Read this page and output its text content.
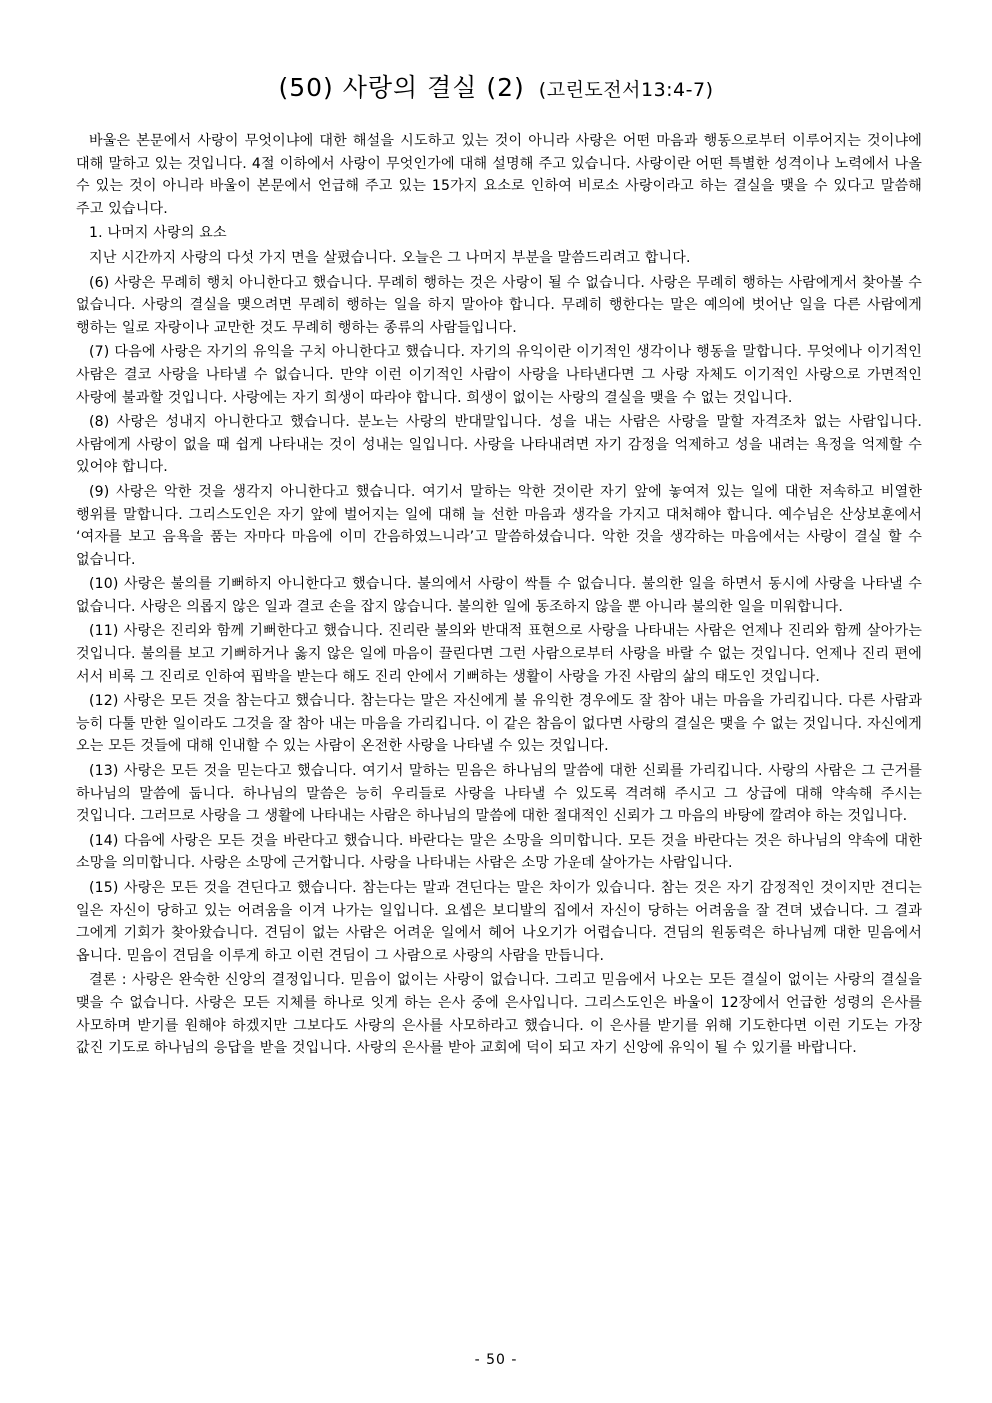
(50) 사랑의 결실 (2) (고린도전서13:4-7)

바울은 본문에서 사랑이 무엇이냐에 대한 해설을 시도하고 있는 것이 아니라 사랑은 어떤 마음과 행동으로부터 이루어지는 것이냐에 대해 말하고 있는 것입니다. 4절 이하에서 사랑이 무엇인가에 대해 설명해 주고 있습니다. 사랑이란 어떤 특별한 성격이나 노력에서 나올 수 있는 것이 아니라 바울이 본문에서 언급해 주고 있는 15가지 요소로 인하여 비로소 사랑이라고 하는 결실을 맺을 수 있다고 말씀해 주고 있습니다.

1. 나머지 사랑의 요소

지난 시간까지 사랑의 다섯 가지 면을 살폈습니다. 오늘은 그 나머지 부분을 말씀드리려고 합니다.

(6) 사랑은 무례히 행치 아니한다고 했습니다. 무례히 행하는 것은 사랑이 될 수 없습니다. 사랑은 무례히 행하는 사람에게서 찾아볼 수 없습니다. 사랑의 결실을 맺으려면 무례히 행하는 일을 하지 말아야 합니다. 무례히 행한다는 말은 예의에 벗어난 일을 다른 사람에게 행하는 일로 자랑이나 교만한 것도 무례히 행하는 종류의 사람들입니다.

(7) 다음에 사랑은 자기의 유익을 구치 아니한다고 했습니다. 자기의 유익이란 이기적인 생각이나 행동을 말합니다. 무엇에나 이기적인 사람은 결코 사랑을 나타낼 수 없습니다. 만약 이런 이기적인 사람이 사랑을 나타낸다면 그 사랑 자체도 이기적인 사랑으로 가면적인 사랑에 불과할 것입니다. 사랑에는 자기 희생이 따라야 합니다. 희생이 없이는 사랑의 결실을 맺을 수 없는 것입니다.

(8) 사랑은 성내지 아니한다고 했습니다. 분노는 사랑의 반대말입니다. 성을 내는 사람은 사랑을 말할 자격조차 없는 사람입니다. 사람에게 사랑이 없을 때 쉽게 나타내는 것이 성내는 일입니다. 사랑을 나타내려면 자기 감정을 억제하고 성을 내려는 욕정을 억제할 수 있어야 합니다.

(9) 사랑은 악한 것을 생각지 아니한다고 했습니다. 여기서 말하는 악한 것이란 자기 앞에 놓여져 있는 일에 대한 저속하고 비열한 행위를 말합니다. 그리스도인은 자기 앞에 벌어지는 일에 대해 늘 선한 마음과 생각을 가지고 대처해야 합니다. 예수님은 산상보훈에서 ‘여자를 보고 음욕을 품는 자마다 마음에 이미 간음하였느니라’고 말씀하셨습니다. 악한 것을 생각하는 마음에서는 사랑이 결실 할 수 없습니다.

(10) 사랑은 불의를 기뻐하지 아니한다고 했습니다. 불의에서 사랑이 싹틀 수 없습니다. 불의한 일을 하면서 동시에 사랑을 나타낼 수 없습니다. 사랑은 의롭지 않은 일과 결코 손을 잡지 않습니다. 불의한 일에 동조하지 않을 뿐 아니라 불의한 일을 미워합니다.

(11) 사랑은 진리와 함께 기뻐한다고 했습니다. 진리란 불의와 반대적 표현으로 사랑을 나타내는 사람은 언제나 진리와 함께 살아가는 것입니다. 불의를 보고 기뻐하거나 옳지 않은 일에 마음이 끌린다면 그런 사람으로부터 사랑을 바랄 수 없는 것입니다. 언제나 진리 편에 서서 비록 그 진리로 인하여 핍박을 받는다 해도 진리 안에서 기뻐하는 생활이 사랑을 가진 사람의 삶의 태도인 것입니다.

(12) 사랑은 모든 것을 참는다고 했습니다. 참는다는 말은 자신에게 불 유익한 경우에도 잘 참아 내는 마음을 가리킵니다. 다른 사람과 능히 다툴 만한 일이라도 그것을 잘 참아 내는 마음을 가리킵니다. 이 같은 참음이 없다면 사랑의 결실은 맺을 수 없는 것입니다. 자신에게 오는 모든 것들에 대해 인내할 수 있는 사람이 온전한 사랑을 나타낼 수 있는 것입니다.

(13) 사랑은 모든 것을 믿는다고 했습니다. 여기서 말하는 믿음은 하나님의 말씀에 대한 신뢰를 가리킵니다. 사랑의 사람은 그 근거를 하나님의 말씀에 둡니다. 하나님의 말씀은 능히 우리들로 사랑을 나타낼 수 있도록 격려해 주시고 그 상급에 대해 약속해 주시는 것입니다. 그러므로 사랑을 그 생활에 나타내는 사람은 하나님의 말씀에 대한 절대적인 신뢰가 그 마음의 바탕에 깔려야 하는 것입니다.

(14) 다음에 사랑은 모든 것을 바란다고 했습니다. 바란다는 말은 소망을 의미합니다. 모든 것을 바란다는 것은 하나님의 약속에 대한 소망을 의미합니다. 사랑은 소망에 근거합니다. 사랑을 나타내는 사람은 소망 가운데 살아가는 사람입니다.

(15) 사랑은 모든 것을 견딘다고 했습니다. 참는다는 말과 견딘다는 말은 차이가 있습니다. 참는 것은 자기 감정적인 것이지만 견디는 일은 자신이 당하고 있는 어려움을 이겨 나가는 일입니다. 요셉은 보디발의 집에서 자신이 당하는 어려움을 잘 견뎌 냈습니다. 그 결과 그에게 기회가 찾아왔습니다. 견딤이 없는 사람은 어려운 일에서 헤어 나오기가 어렵습니다. 견딤의 원동력은 하나님께 대한 믿음에서 옵니다. 믿음이 견딤을 이루게 하고 이런 견딤이 그 사람으로 사랑의 사람을 만듭니다.

결론 : 사랑은 완숙한 신앙의 결정입니다. 믿음이 없이는 사랑이 없습니다. 그리고 믿음에서 나오는 모든 결실이 없이는 사랑의 결실을 맺을 수 없습니다. 사랑은 모든 지체를 하나로 잇게 하는 은사 중에 은사입니다. 그리스도인은 바울이 12장에서 언급한 성령의 은사를 사모하며 받기를 원해야 하겠지만 그보다도 사랑의 은사를 사모하라고 했습니다. 이 은사를 받기를 위해 기도한다면 이런 기도는 가장 값진 기도로 하나님의 응답을 받을 것입니다. 사랑의 은사를 받아 교회에 덕이 되고 자기 신앙에 유익이 될 수 있기를 바랍니다.

- 50 -
